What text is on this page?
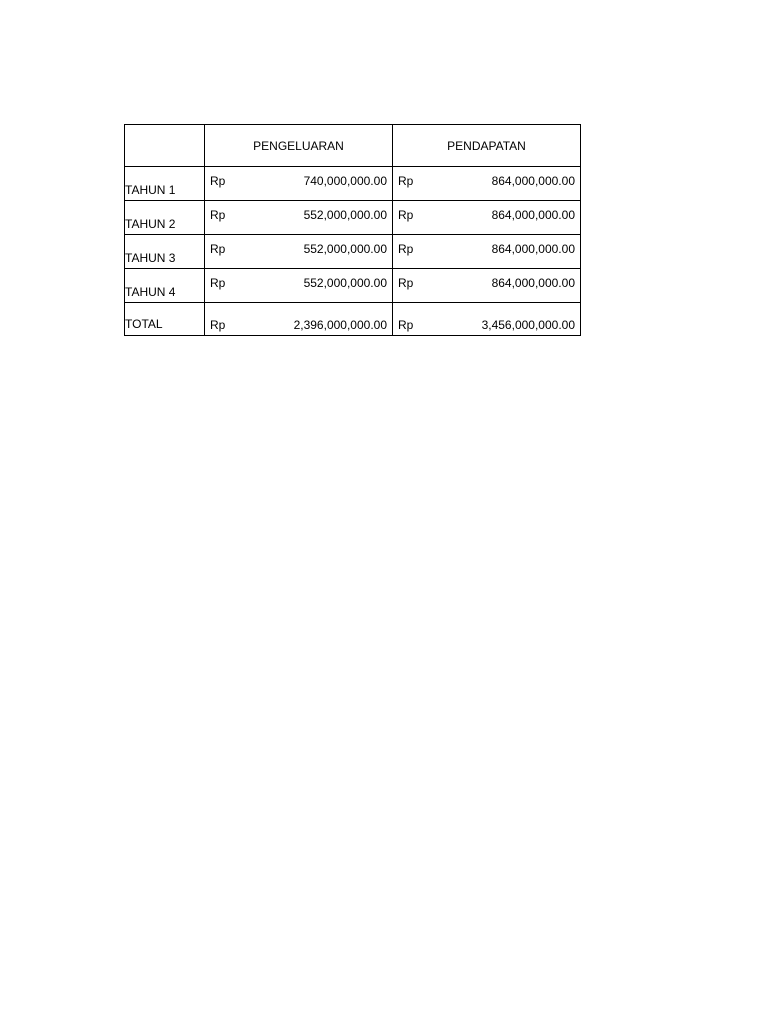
	PENGELUARAN	PENDAPATAN
TAHUN 1	Rp 740,000,000.00	Rp 864,000,000.00

TAHUN 2	Rp 552,000,000.00	Rp 864,000,000.00

TAHUN 3	Rp 552,000,000.00	Rp 864,000,000.00

TAHUN 4	Rp 552,000,000.00	Rp 864,000,000.00

TOTAL	Rp 2,396,000,000.00	Rp 3,456,000,000.00
